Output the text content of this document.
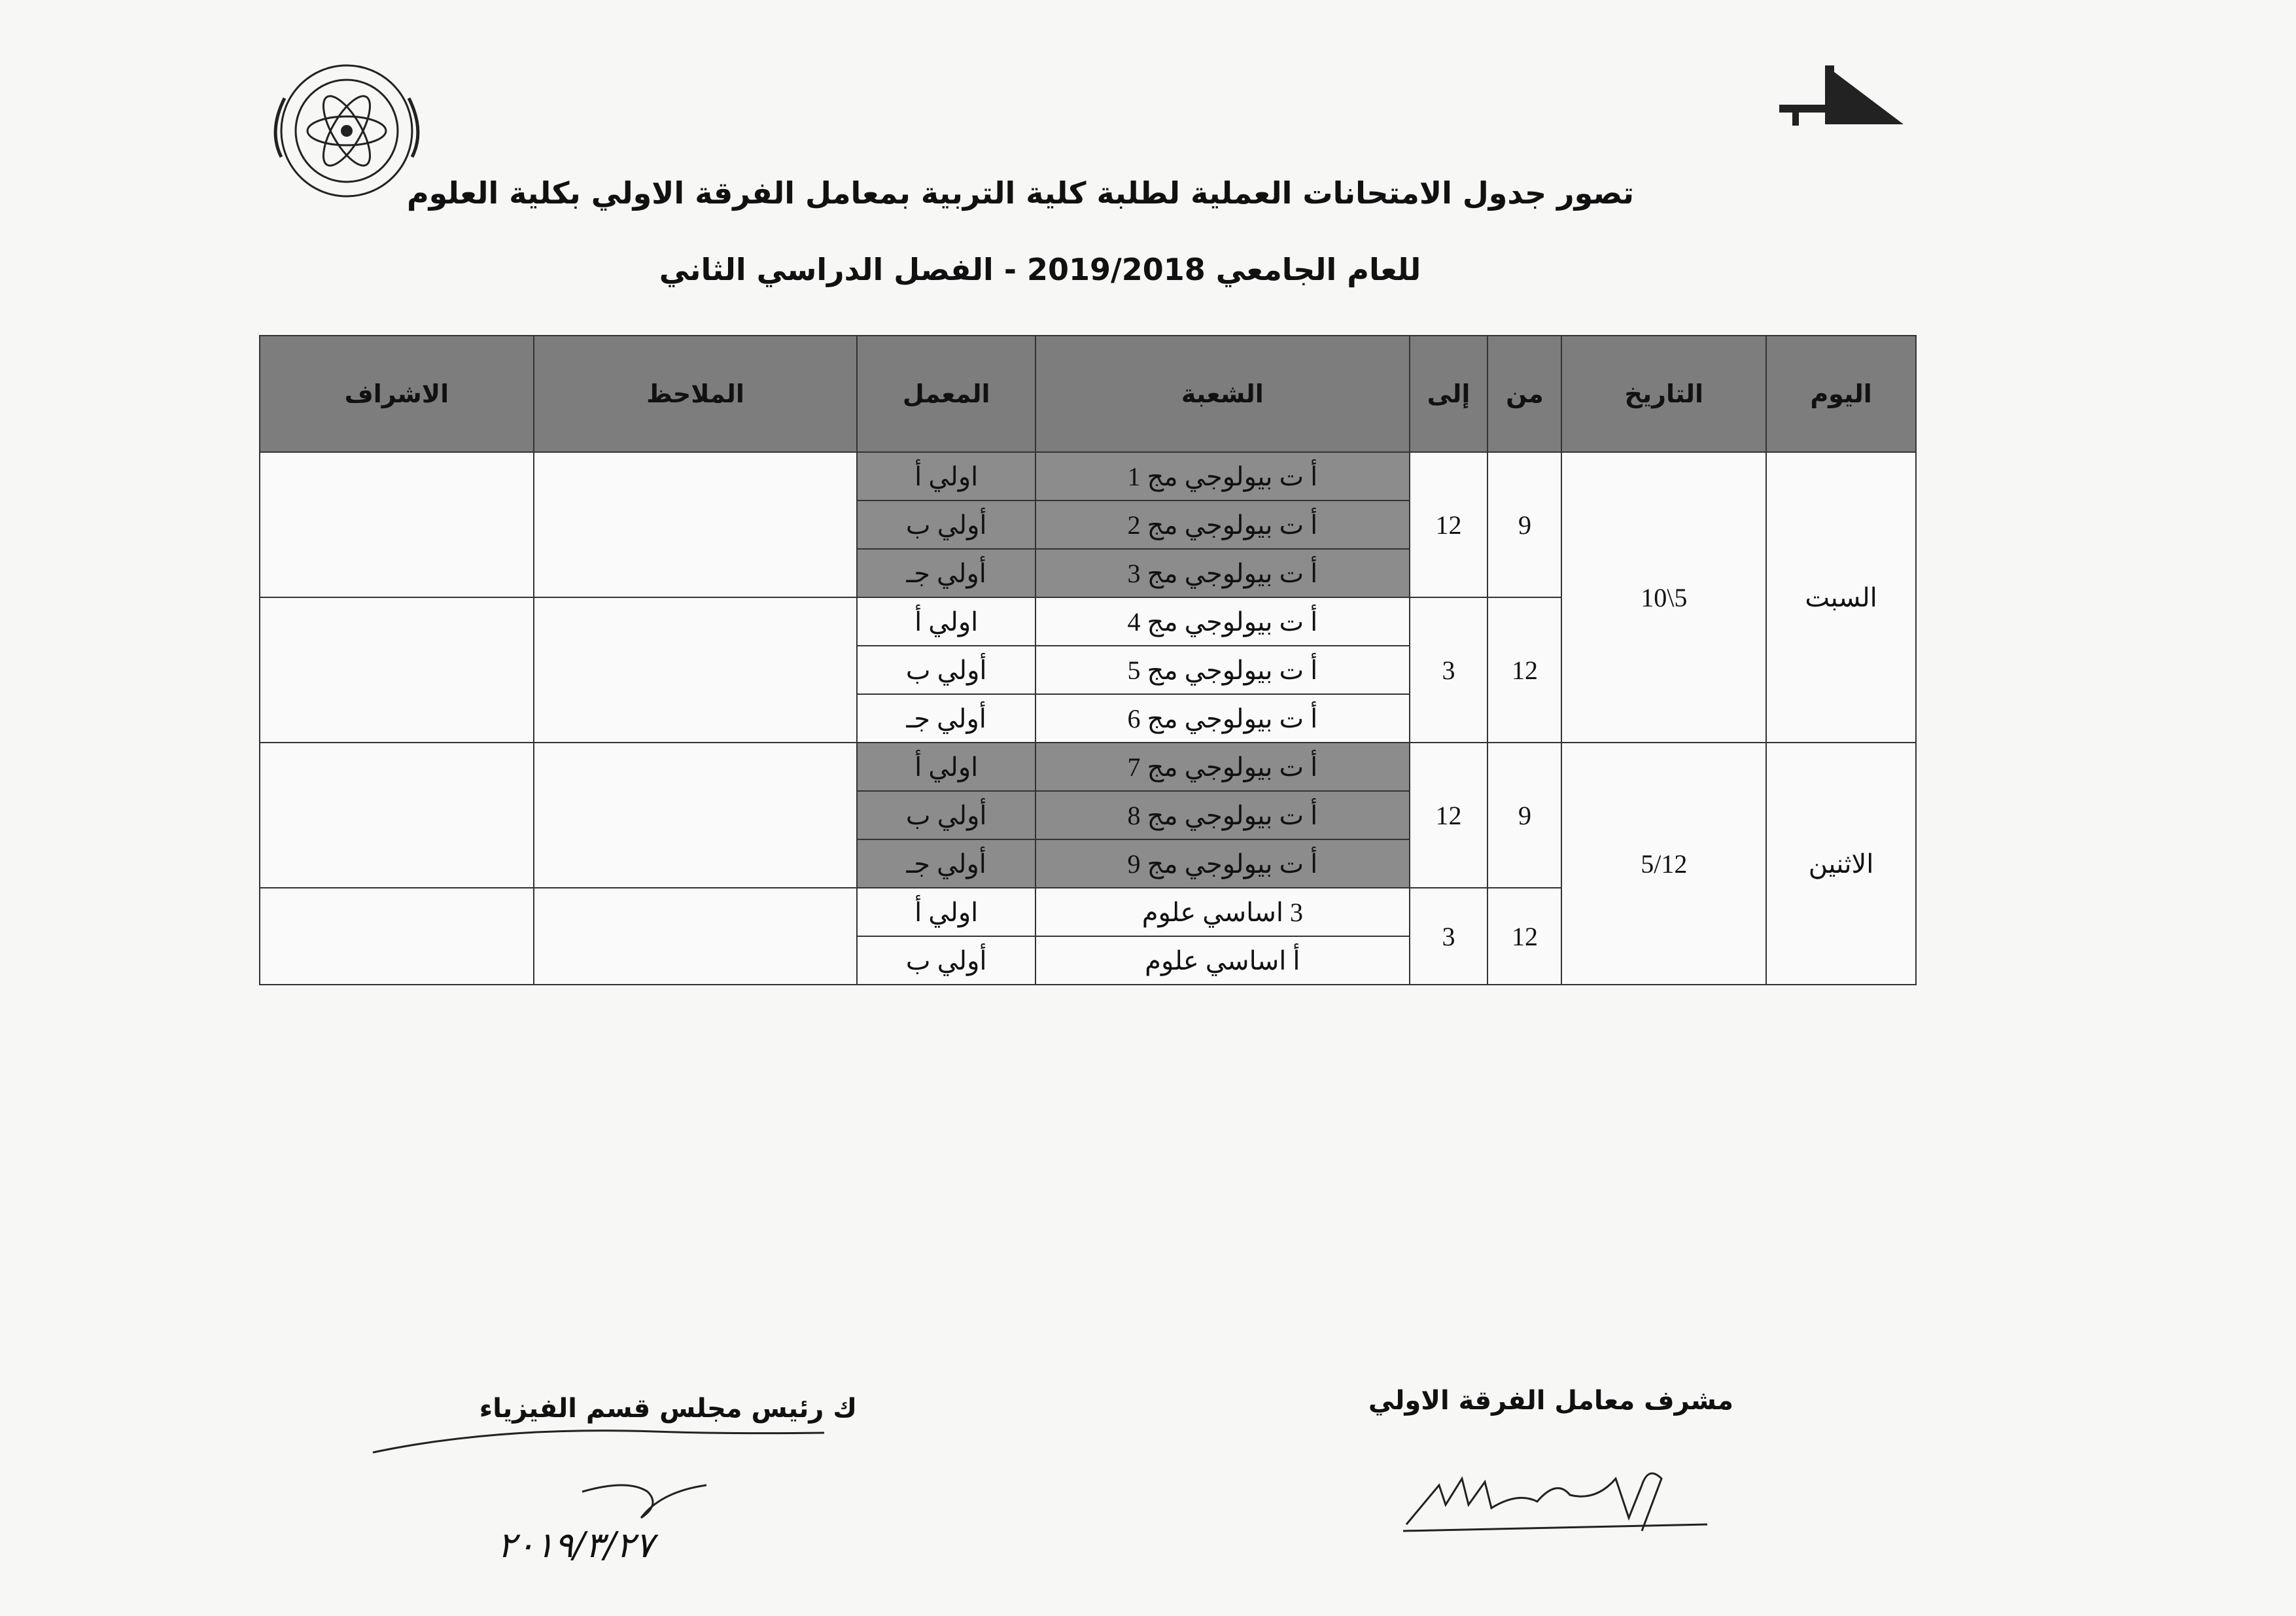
تصور جدول الامتحانات العملية لطلبة كلية التربية بمعامل الفرقة الاولي بكلية العلوم
للعام الجامعي 2019/2018 - الفصل الدراسي الثاني
اليوم	التاريخ	من	إلى	الشعبة	المعمل	الملاحظ	الاشراف
السبت	5\10	9	12	أ ت بيولوجي مج 1	اولي أ		
				أ ت بيولوجي مج 2	أولي ب		
				أ ت بيولوجي مج 3	أولي جـ		
		12	3	أ ت بيولوجي مج 4	اولي أ		
				أ ت بيولوجي مج 5	أولي ب		
				أ ت بيولوجي مج 6	أولي جـ		
الاثنين	5/12	9	12	أ ت بيولوجي مج 7	اولي أ		
				أ ت بيولوجي مج 8	أولي ب		
				أ ت بيولوجي مج 9	أولي جـ		
		12	3	3 اساسي علوم	اولي أ		
				أ اساسي علوم	أولي ب		
ك رئيس مجلس قسم الفيزياء	مشرف معامل الفرقة الاولي
٢٠١٩/٣/٢٧
